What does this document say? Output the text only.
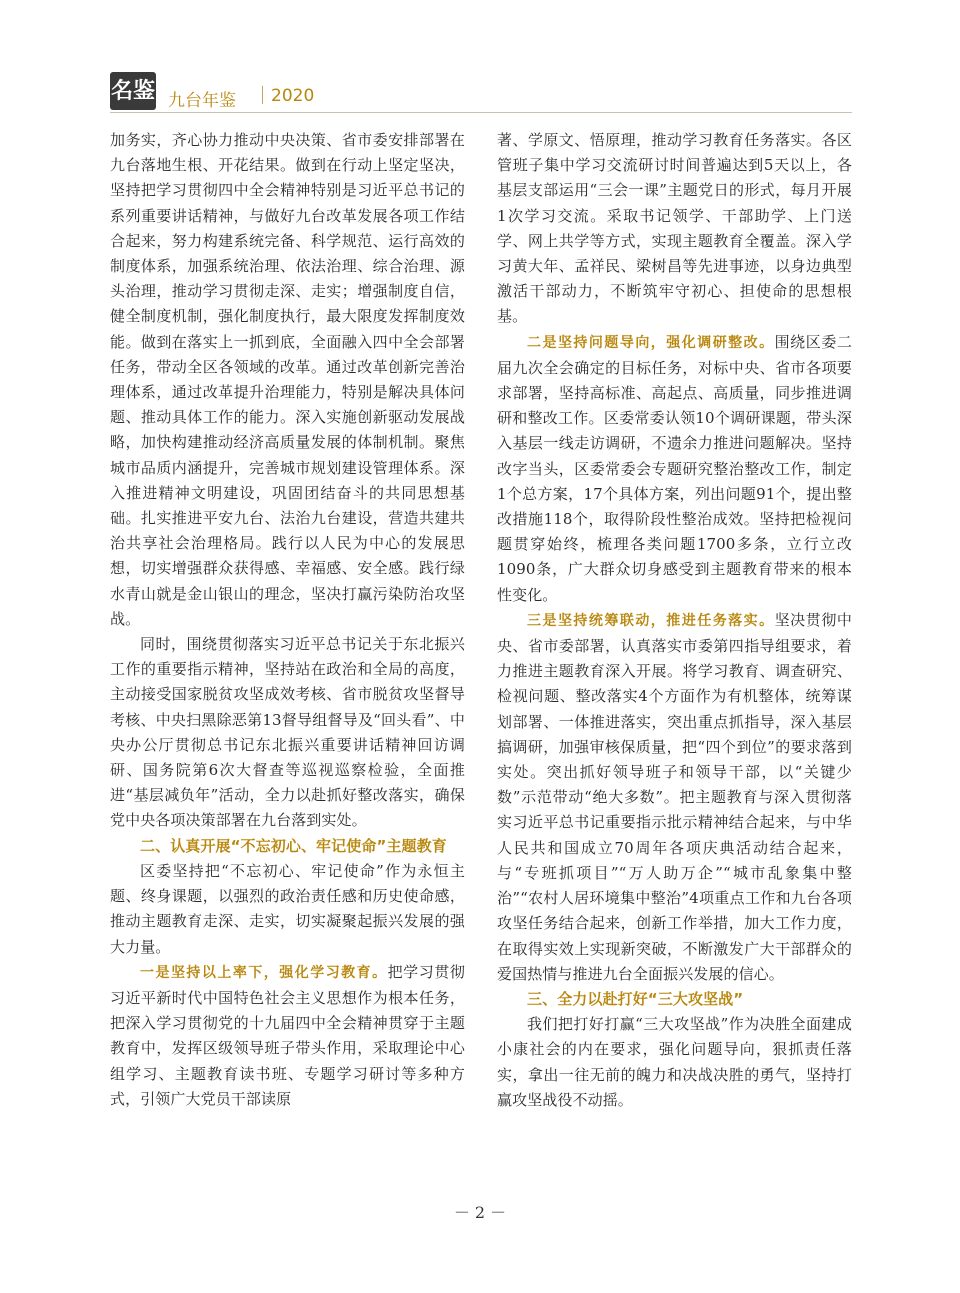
名鉴 九台年鉴 2020

加务实，齐心协力推动中央决策、省市委安排部署在九台落地生根、开花结果。做到在行动上坚定坚决，坚持把学习贯彻四中全会精神特别是习近平总书记的系列重要讲话精神，与做好九台改革发展各项工作结合起来，努力构建系统完备、科学规范、运行高效的制度体系，加强系统治理、依法治理、综合治理、源头治理，推动学习贯彻走深、走实；增强制度自信，健全制度机制，强化制度执行，最大限度发挥制度效能。做到在落实上一抓到底，全面融入四中全会部署任务，带动全区各领域的改革。通过改革创新完善治理体系，通过改革提升治理能力，特别是解决具体问题、推动具体工作的能力。深入实施创新驱动发展战略，加快构建推动经济高质量发展的体制机制。聚焦城市品质内涵提升，完善城市规划建设管理体系。深入推进精神文明建设，巩固团结奋斗的共同思想基础。扎实推进平安九台、法治九台建设，营造共建共治共享社会治理格局。践行以人民为中心的发展思想，切实增强群众获得感、幸福感、安全感。践行绿水青山就是金山银山的理念，坚决打赢污染防治攻坚战。

同时，围绕贯彻落实习近平总书记关于东北振兴工作的重要指示精神，坚持站在政治和全局的高度，主动接受国家脱贫攻坚成效考核、省市脱贫攻坚督导考核、中央扫黑除恶第13督导组督导及“回头看”、中央办公厅贯彻总书记东北振兴重要讲话精神回访调研、国务院第6次大督查等巡视巡察检验，全面推进“基层减负年”活动，全力以赴抓好整改落实，确保党中央各项决策部署在九台落到实处。

二、认真开展“不忘初心、牢记使命”主题教育

区委坚持把“不忘初心、牢记使命”作为永恒主题、终身课题，以强烈的政治责任感和历史使命感，推动主题教育走深、走实，切实凝聚起振兴发展的强大力量。

一是坚持以上率下，强化学习教育。把学习贯彻习近平新时代中国特色社会主义思想作为根本任务，把深入学习贯彻党的十九届四中全会精神贯穿于主题教育中，发挥区级领导班子带头作用，采取理论中心组学习、主题教育读书班、专题学习研讨等多种方式，引领广大党员干部读原

著、学原文、悟原理，推动学习教育任务落实。各区管班子集中学习交流研讨时间普遍达到5天以上，各基层支部运用“三会一课”主题党日的形式，每月开展1次学习交流。采取书记领学、干部助学、上门送学、网上共学等方式，实现主题教育全覆盖。深入学习黄大年、孟祥民、梁树昌等先进事迹，以身边典型激活干部动力，不断筑牢守初心、担使命的思想根基。

二是坚持问题导向，强化调研整改。围绕区委二届九次全会确定的目标任务，对标中央、省市各项要求部署，坚持高标准、高起点、高质量，同步推进调研和整改工作。区委常委认领10个调研课题，带头深入基层一线走访调研，不遗余力推进问题解决。坚持改字当头，区委常委会专题研究整治整改工作，制定1个总方案，17个具体方案，列出问题91个，提出整改措施118个，取得阶段性整治成效。坚持把检视问题贯穿始终，梳理各类问题1700多条，立行立改1090条，广大群众切身感受到主题教育带来的根本性变化。

三是坚持统筹联动，推进任务落实。坚决贯彻中央、省市委部署，认真落实市委第四指导组要求，着力推进主题教育深入开展。将学习教育、调查研究、检视问题、整改落实4个方面作为有机整体，统筹谋划部署、一体推进落实，突出重点抓指导，深入基层搞调研，加强审核保质量，把“四个到位”的要求落到实处。突出抓好领导班子和领导干部，以“关键少数”示范带动“绝大多数”。把主题教育与深入贯彻落实习近平总书记重要指示批示精神结合起来，与中华人民共和国成立70周年各项庆典活动结合起来，与“专班抓项目”“万人助万企”“城市乱象集中整治”“农村人居环境集中整治”4项重点工作和九台各项攻坚任务结合起来，创新工作举措，加大工作力度，在取得实效上实现新突破，不断激发广大干部群众的爱国热情与推进九台全面振兴发展的信心。

三、全力以赴打好“三大攻坚战”

我们把打好打赢“三大攻坚战”作为决胜全面建成小康社会的内在要求，强化问题导向，狠抓责任落实，拿出一往无前的魄力和决战决胜的勇气，坚持打赢攻坚战役不动摇。

－ 2 －
